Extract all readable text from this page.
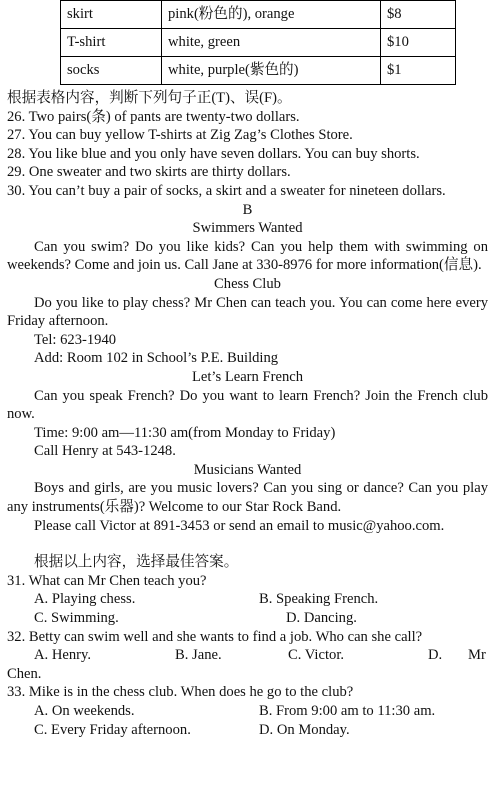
skirt	pink(粉色的), orange	$8
T-shirt	white, green	$10
socks	white, purple(紫色的)	$1

根据表格内容，判断下列句子正(T)、误(F)。

26. Two pairs(条) of pants are twenty-two dollars.

27. You can buy yellow T-shirts at Zig Zag’s Clothes Store.

28. You like blue and you only have seven dollars. You can buy shorts.

29. One sweater and two skirts are thirty dollars.

30. You can’t buy a pair of socks, a skirt and a sweater for nineteen dollars.

B

Swimmers Wanted

Can you swim? Do you like kids? Can you help them with swimming on weekends? Come and join us. Call Jane at 330-8976 for more information(信息).

Chess Club

Do you like to play chess? Mr Chen can teach you. You can come here every Friday afternoon.

Tel: 623-1940

Add: Room 102 in School’s P.E. Building

Let’s Learn French

Can you speak French? Do you want to learn French? Join the French club now.

Time: 9:00 am—11:30 am(from Monday to Friday)

Call Henry at 543-1248.

Musicians Wanted

Boys and girls, are you music lovers? Can you sing or dance? Can you play any instruments(乐器)? Welcome to our Star Rock Band.

Please call Victor at 891-3453 or send an email to music@yahoo.com.

根据以上内容，选择最佳答案。

31. What can Mr Chen teach you?

A. Playing chess.	B. Speaking French.
C. Swimming.	D. Dancing.

32. Betty can swim well and she wants to find a job. Who can she call?

A. Henry.	B. Jane.	C. Victor.	D.	Mr

Chen.

33. Mike is in the chess club. When does he go to the club?

A. On weekends.	B. From 9:00 am to 11:30 am.
C. Every Friday afternoon.	D. On Monday.
